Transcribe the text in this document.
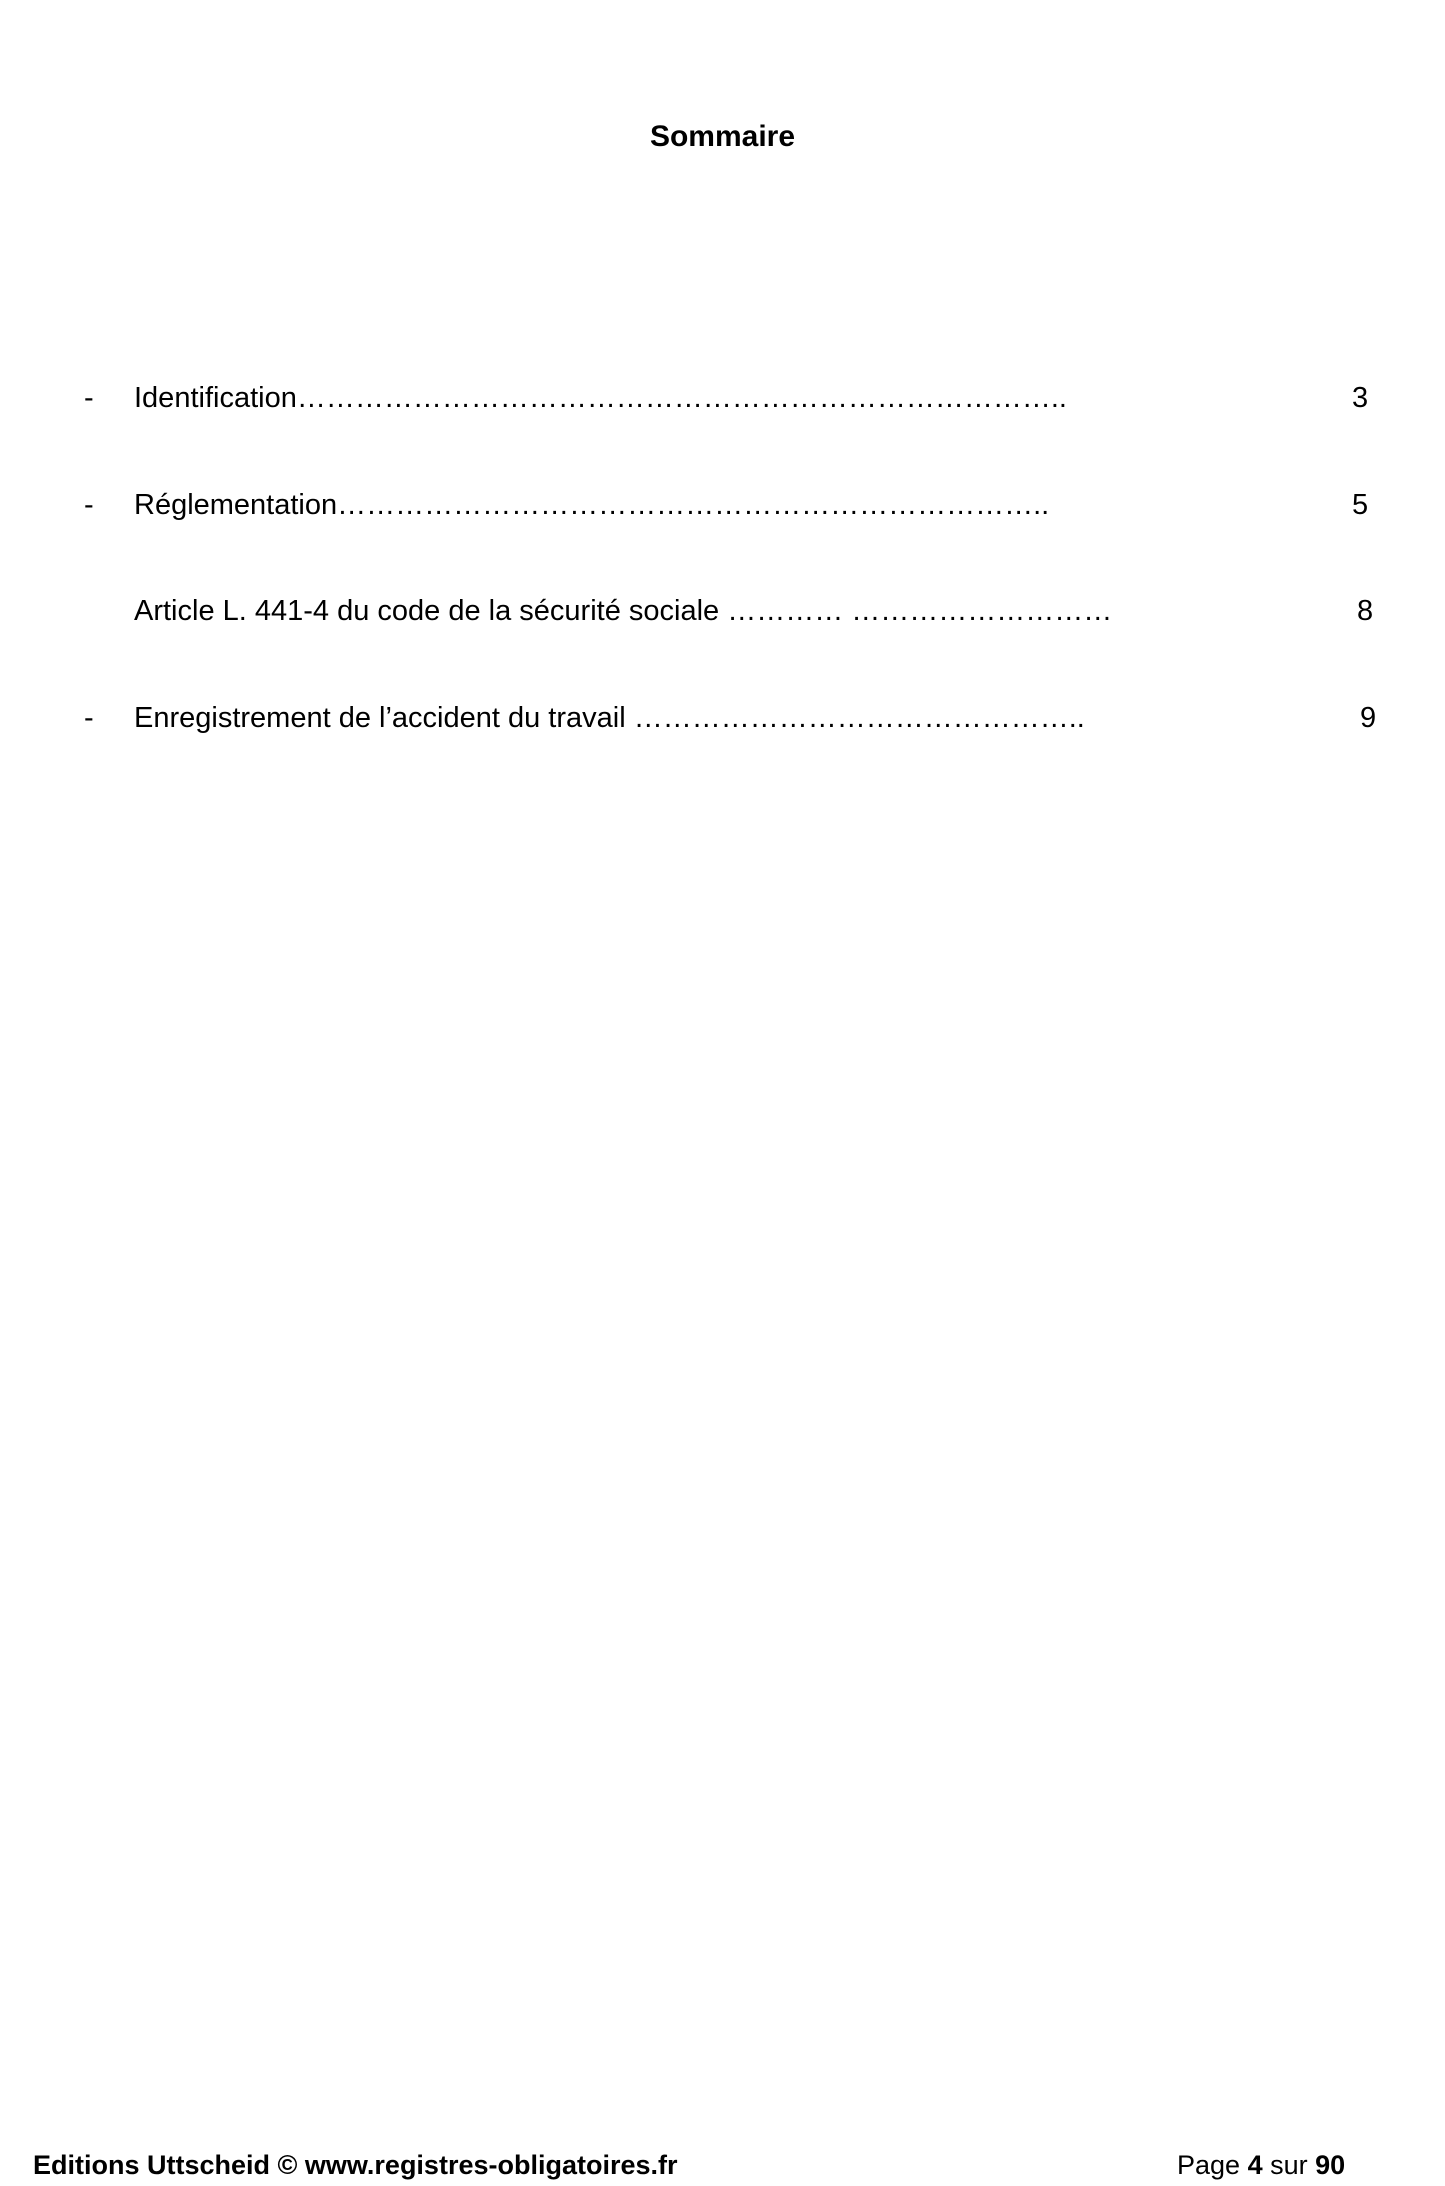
Sommaire
- Identification……………………………………………………………………..	3
- Réglementation………………………………………………………………..	5
Article L. 441-4 du code de la sécurité sociale ………… ………………………	8
- Enregistrement de l’accident du travail ………………………………………..	9
Editions Uttscheid © www.registres-obligatoires.fr	Page 4 sur 90
